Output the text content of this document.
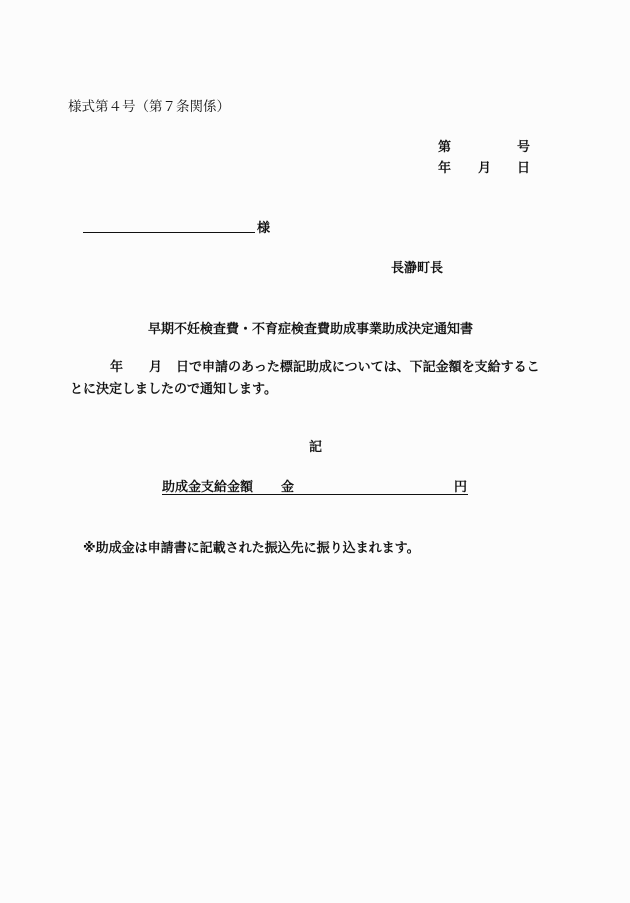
様式第４号（第７条関係）
第	号
年 月 日
様
長瀞町長
早期不妊検査費・不育症検査費助成事業助成決定通知書
年 月 日で申請のあった標記助成については、下記金額を支給するこ
とに決定しましたので通知します。
記
助成金支給金額 金	円
※助成金は申請書に記載された振込先に振り込まれます。
